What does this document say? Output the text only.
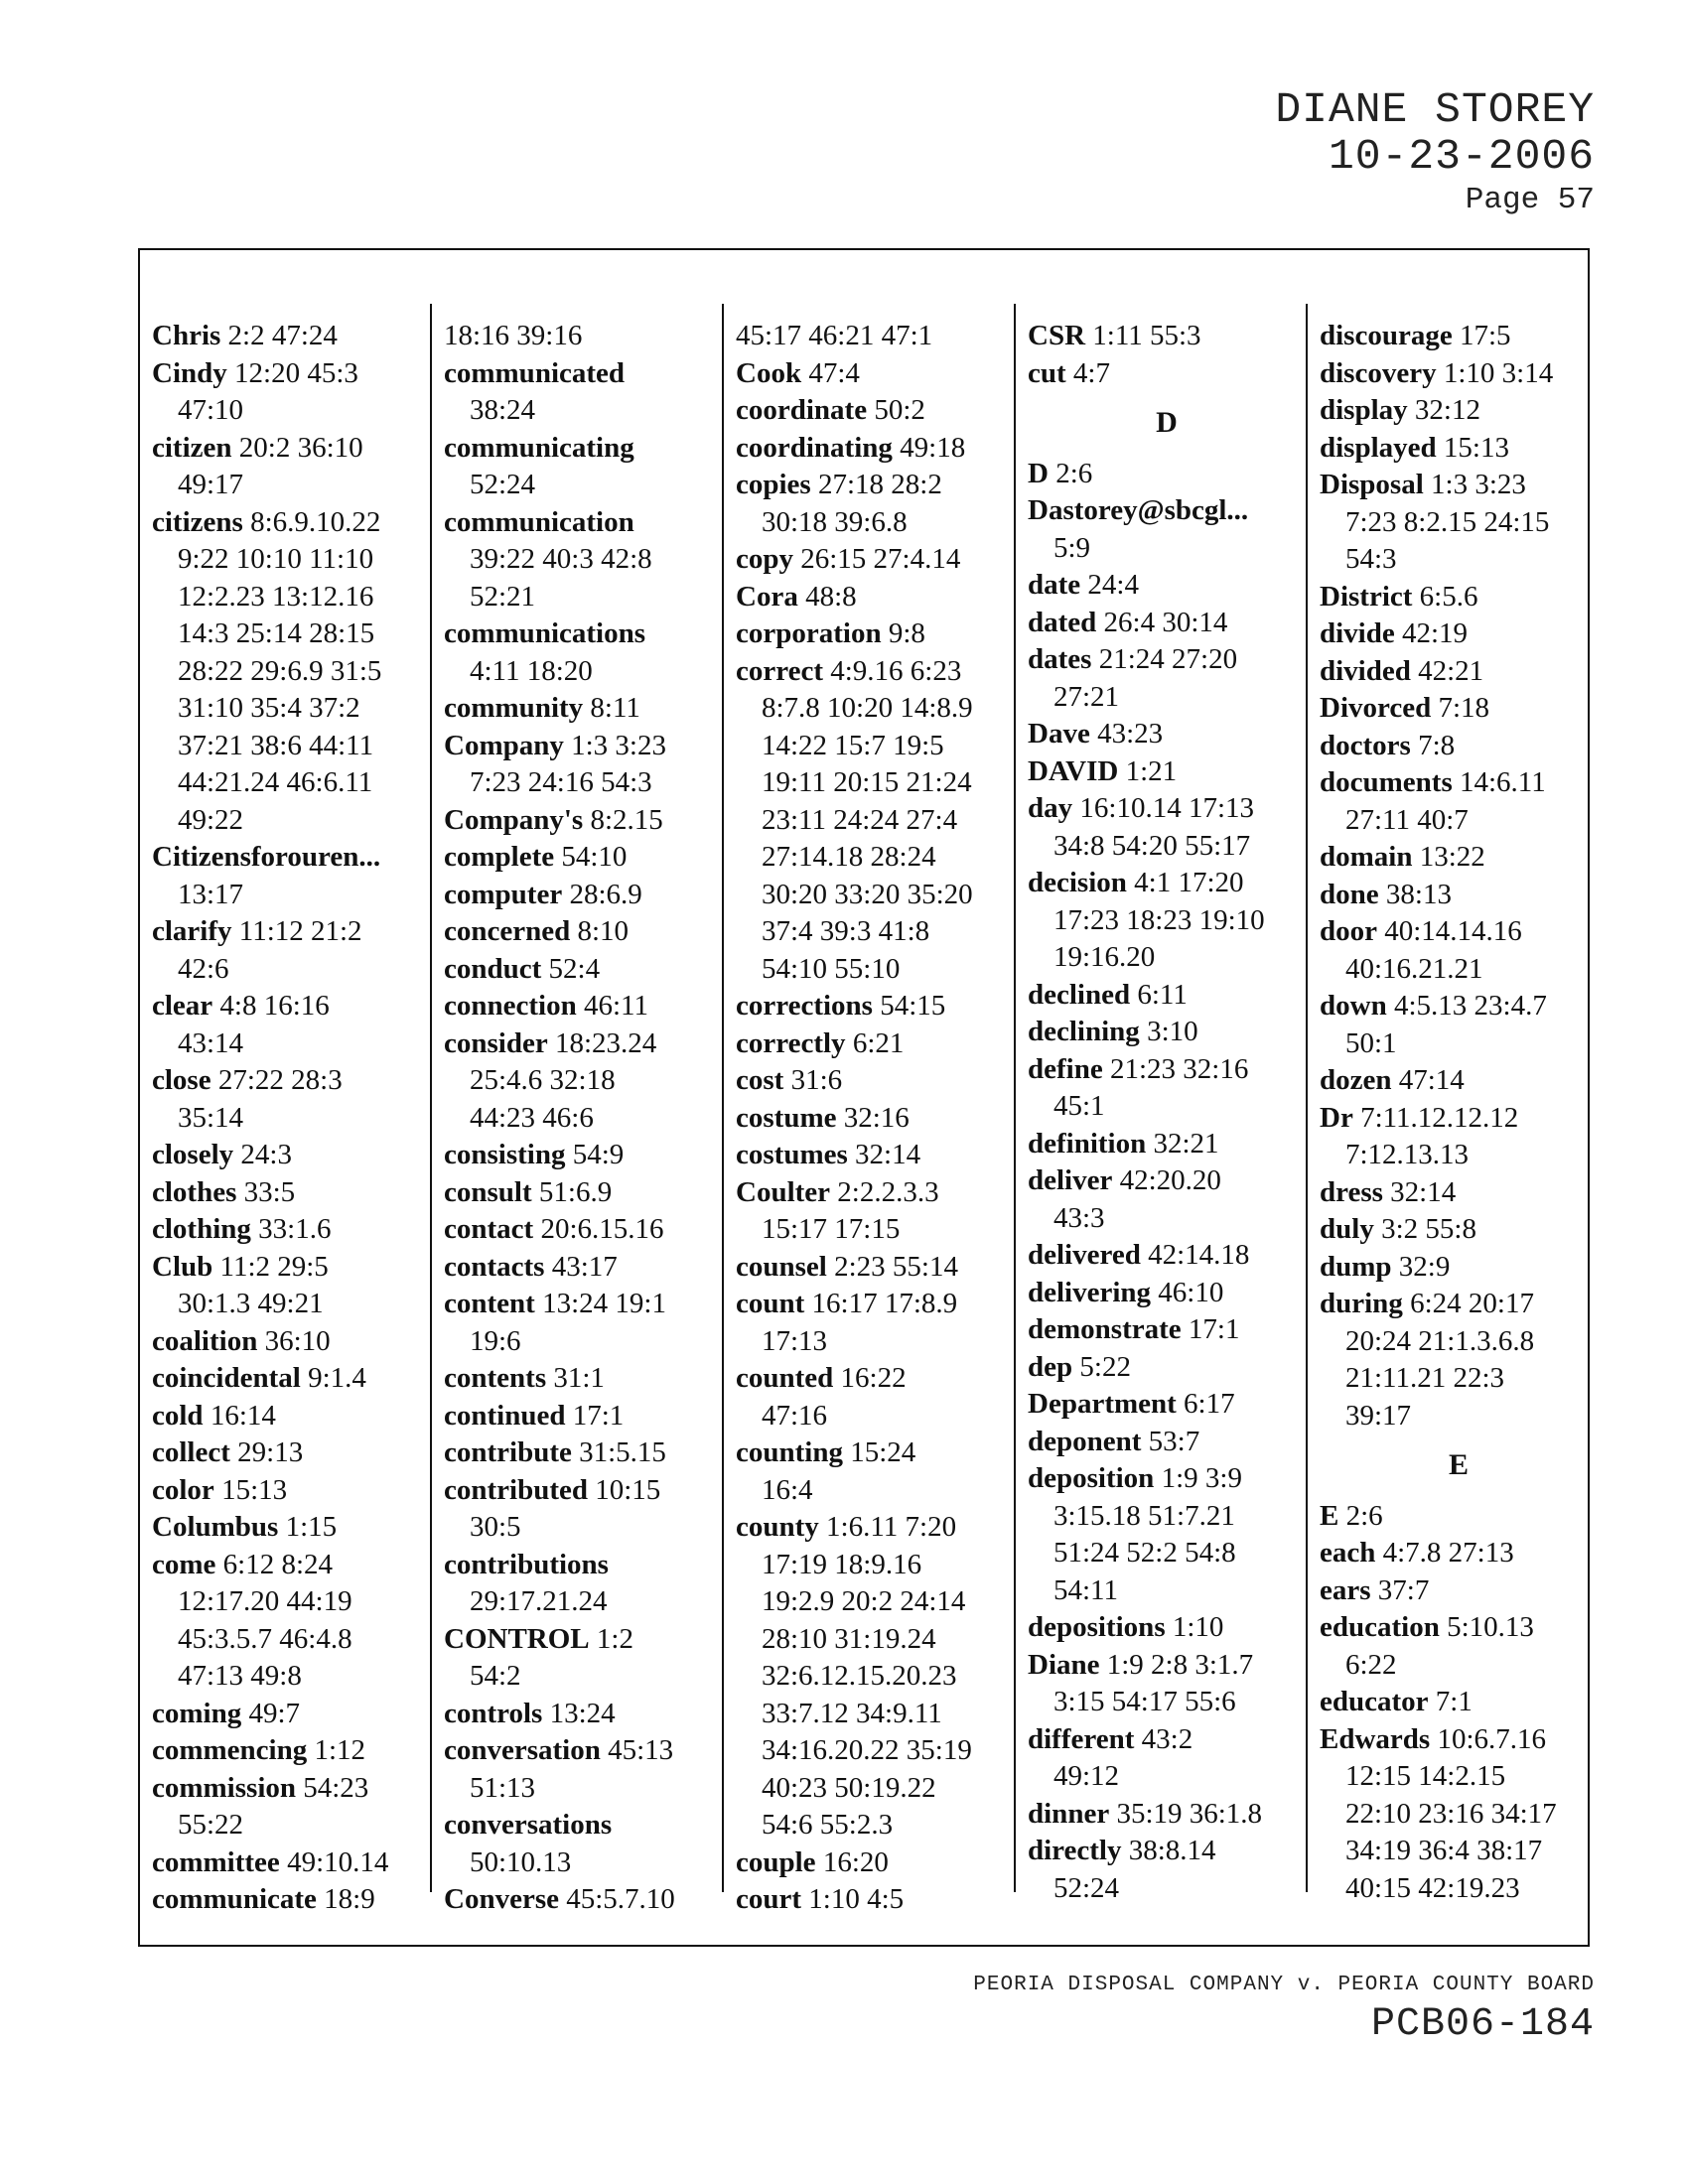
DIANE STOREY
10-23-2006
Page 57
Chris 2:2 47:24
Cindy 12:20 45:3
47:10
citizen 20:2 36:10
49:17
citizens 8:6.9.10.22
9:22 10:10 11:10
12:2.23 13:12.16
14:3 25:14 28:15
28:22 29:6.9 31:5
31:10 35:4 37:2
37:21 38:6 44:11
44:21.24 46:6.11
49:22
Citizensforouren...
13:17
clarify 11:12 21:2
42:6
clear 4:8 16:16
43:14
close 27:22 28:3
35:14
closely 24:3
clothes 33:5
clothing 33:1.6
Club 11:2 29:5
30:1.3 49:21
coalition 36:10
coincidental 9:1.4
cold 16:14
collect 29:13
color 15:13
Columbus 1:15
come 6:12 8:24
12:17.20 44:19
45:3.5.7 46:4.8
47:13 49:8
coming 49:7
commencing 1:12
commission 54:23
55:22
committee 49:10.14
communicate 18:9
18:16 39:16
communicated
38:24
communicating
52:24
communication
39:22 40:3 42:8
52:21
communications
4:11 18:20
community 8:11
Company 1:3 3:23
7:23 24:16 54:3
Company's 8:2.15
complete 54:10
computer 28:6.9
concerned 8:10
conduct 52:4
connection 46:11
consider 18:23.24
25:4.6 32:18
44:23 46:6
consisting 54:9
consult 51:6.9
contact 20:6.15.16
contacts 43:17
content 13:24 19:1
19:6
contents 31:1
continued 17:1
contribute 31:5.15
contributed 10:15
30:5
contributions
29:17.21.24
CONTROL 1:2
54:2
controls 13:24
conversation 45:13
51:13
conversations
50:10.13
Converse 45:5.7.10
45:17 46:21 47:1
Cook 47:4
coordinate 50:2
coordinating 49:18
copies 27:18 28:2
30:18 39:6.8
copy 26:15 27:4.14
Cora 48:8
corporation 9:8
correct 4:9.16 6:23
8:7.8 10:20 14:8.9
14:22 15:7 19:5
19:11 20:15 21:24
23:11 24:24 27:4
27:14.18 28:24
30:20 33:20 35:20
37:4 39:3 41:8
54:10 55:10
corrections 54:15
correctly 6:21
cost 31:6
costume 32:16
costumes 32:14
Coulter 2:2.2.3.3
15:17 17:15
counsel 2:23 55:14
count 16:17 17:8.9
17:13
counted 16:22
47:16
counting 15:24
16:4
county 1:6.11 7:20
17:19 18:9.16
19:2.9 20:2 24:14
28:10 31:19.24
32:6.12.15.20.23
33:7.12 34:9.11
34:16.20.22 35:19
40:23 50:19.22
54:6 55:2.3
couple 16:20
court 1:10 4:5
CSR 1:11 55:3
cut 4:7
D
D 2:6
Dastorey@sbcgl...
5:9
date 24:4
dated 26:4 30:14
dates 21:24 27:20
27:21
Dave 43:23
DAVID 1:21
day 16:10.14 17:13
34:8 54:20 55:17
decision 4:1 17:20
17:23 18:23 19:10
19:16.20
declined 6:11
declining 3:10
define 21:23 32:16
45:1
definition 32:21
deliver 42:20.20
43:3
delivered 42:14.18
delivering 46:10
demonstrate 17:1
dep 5:22
Department 6:17
deponent 53:7
deposition 1:9 3:9
3:15.18 51:7.21
51:24 52:2 54:8
54:11
depositions 1:10
Diane 1:9 2:8 3:1.7
3:15 54:17 55:6
different 43:2
49:12
dinner 35:19 36:1.8
directly 38:8.14
52:24
discourage 17:5
discovery 1:10 3:14
display 32:12
displayed 15:13
Disposal 1:3 3:23
7:23 8:2.15 24:15
54:3
District 6:5.6
divide 42:19
divided 42:21
Divorced 7:18
doctors 7:8
documents 14:6.11
27:11 40:7
domain 13:22
done 38:13
door 40:14.14.16
40:16.21.21
down 4:5.13 23:4.7
50:1
dozen 47:14
Dr 7:11.12.12.12
7:12.13.13
dress 32:14
duly 3:2 55:8
dump 32:9
during 6:24 20:17
20:24 21:1.3.6.8
21:11.21 22:3
39:17
E
E 2:6
each 4:7.8 27:13
ears 37:7
education 5:10.13
6:22
educator 7:1
Edwards 10:6.7.16
12:15 14:2.15
22:10 23:16 34:17
34:19 36:4 38:17
40:15 42:19.23
PEORIA DISPOSAL COMPANY v. PEORIA COUNTY BOARD
PCB06-184
